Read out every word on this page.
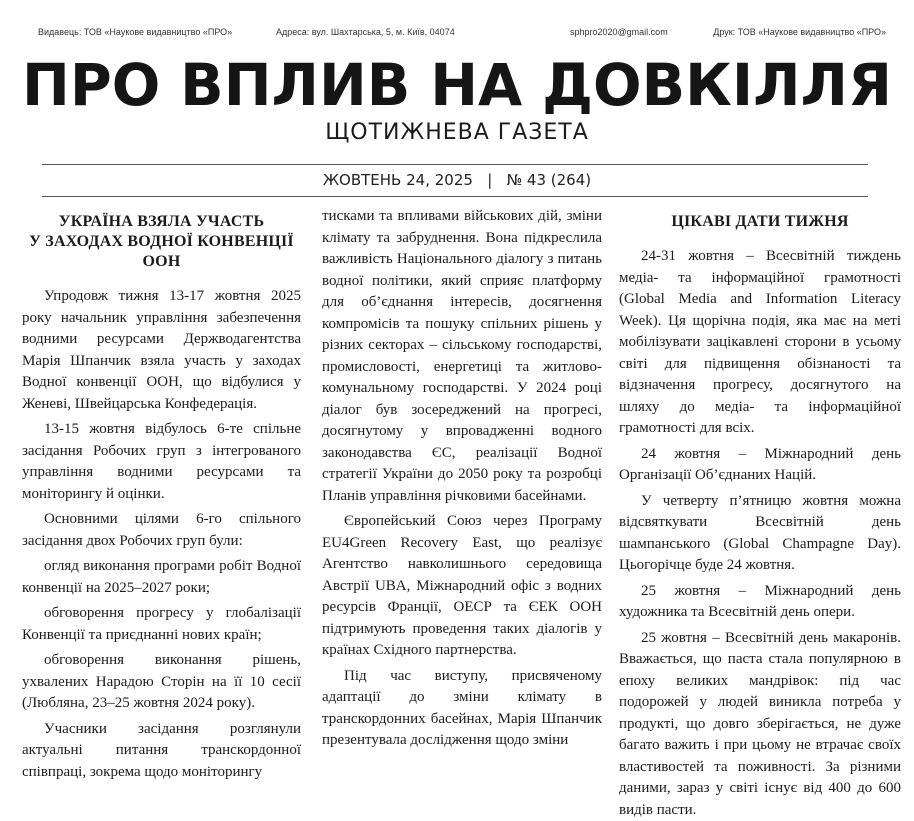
Видавець: ТОВ «Наукове видавництво «ПРО»	Адреса: вул. Шахтарська, 5, м. Київ, 04074	sphpro2020@gmail.com	Друк: ТОВ «Наукове видавництво «ПРО»
ПРО ВПЛИВ НА ДОВКІЛЛЯ
ЩОТИЖНЕВА ГАЗЕТА
ЖОВТЕНЬ 24, 2025   |   № 43 (264)
УКРАЇНА ВЗЯЛА УЧАСТЬ
У ЗАХОДАХ ВОДНОЇ КОНВЕНЦІЇ
ООН

Упродовж тижня 13-17 жовтня 2025 року начальник управління забезпечення водними ресурсами Держводагентства Марія Шпанчик взяла участь у заходах Водної конвенції ООН, що відбулися у Женеві, Швейцарська Конфедерація.

13-15 жовтня відбулось 6-те спільне засідання Робочих груп з інтегрованого управління водними ресурсами та моніторингу й оцінки.

Основними цілями 6-го спільного засідання двох Робочих груп були:

огляд виконання програми робіт Водної конвенції на 2025–2027 роки;

обговорення прогресу у глобалізації Конвенції та приєднанні нових країн;

обговорення виконання рішень, ухвалених Нарадою Сторін на її 10 сесії (Любляна, 23–25 жовтня 2024 року).

Учасники засідання розглянули актуальні питання транскордонної співпраці, зокрема щодо моніторингу

тисками та впливами військових дій, зміни клімату та забруднення. Вона підкреслила важливість Національного діалогу з питань водної політики, який сприяє платформу для об’єднання інтересів, досягнення компромісів та пошуку спільних рішень у різних секторах – сільському господарстві, промисловості, енергетиці та житлово-комунальному господарстві. У 2024 році діалог був зосереджений на прогресі, досягнутому у впровадженні водного законодавства ЄС, реалізації Водної стратегії України до 2050 року та розробці Планів управління річковими басейнами.

Європейський Союз через Програму EU4Green Recovery East, що реалізує Агентство навколишнього середовища Австрії UBA, Міжнародний офіс з водних ресурсів Франції, ОЕСР та ЄЕК ООН підтримують проведення таких діалогів у країнах Східного партнерства.

Під час виступу, присвяченому адаптації до зміни клімату в транскордонних басейнах, Марія Шпанчик презентувала дослідження щодо зміни

ЦІКАВІ ДАТИ ТИЖНЯ

24-31 жовтня – Всесвітній тиждень медіа- та інформаційної грамотності (Global Media and Information Literacy Week). Ця щорічна подія, яка має на меті мобілізувати зацікавлені сторони в усьому світі для підвищення обізнаності та відзначення прогресу, досягнутого на шляху до медіа- та інформаційної грамотності для всіх.

24 жовтня – Міжнародний день Організації Об’єднаних Націй.

У четверту п’ятницю жовтня можна відсвяткувати Всесвітній день шампанського (Global Champagne Day). Цьогорічце буде 24 жовтня.

25 жовтня – Міжнародний день художника та Всесвітній день опери.

25 жовтня – Всесвітній день макаронів. Вважається, що паста стала популярною в епоху великих мандрівок: під час подорожей у людей виникла потреба у продукті, що довго зберігається, не дуже багато важить і при цьому не втрачає своїх властивостей та поживності. За різними даними, зараз у світі існує від 400 до 600 видів пасти.
